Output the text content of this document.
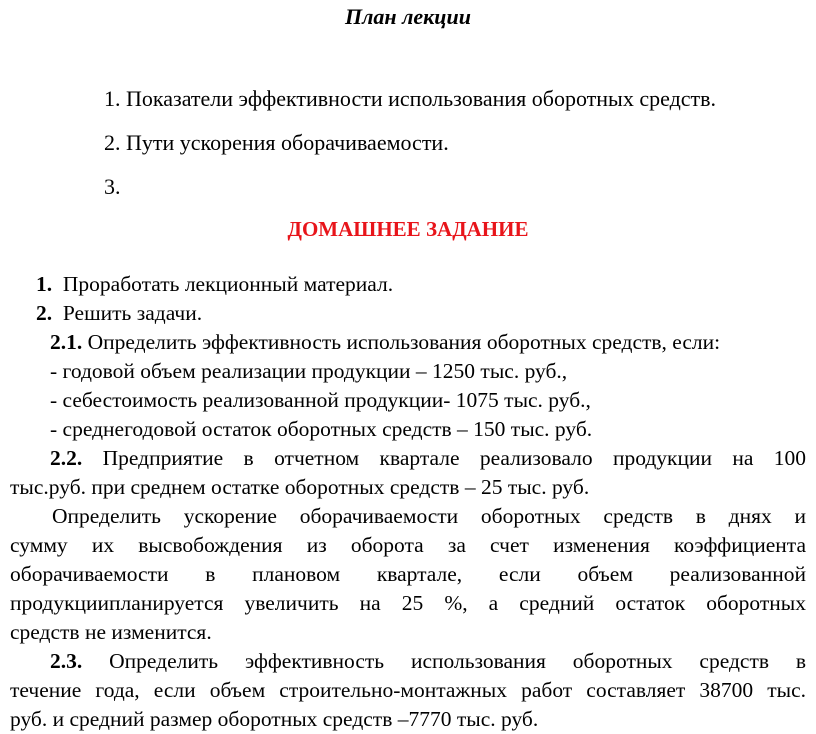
План лекции
1. Показатели эффективности использования оборотных средств.
2. Пути ускорения оборачиваемости.
3.
ДОМАШНЕЕ ЗАДАНИЕ
1. Проработать лекционный материал.
2. Решить задачи.
2.1. Определить эффективность использования оборотных средств, если:
- годовой объем реализации продукции – 1250 тыс. руб.,
- себестоимость реализованной продукции- 1075 тыс. руб.,
- среднегодовой остаток оборотных средств – 150 тыс. руб.
2.2. Предприятие в отчетном квартале реализовало продукции на 100
тыс.руб. при среднем остатке оборотных средств – 25 тыс. руб.
Определить ускорение оборачиваемости оборотных средств в днях и
сумму их высвобождения из оборота за счет изменения коэффициента
оборачиваемости в плановом квартале, если объем реализованной
продукциипланируется увеличить на 25 %, а средний остаток оборотных
средств не изменится.
2.3. Определить эффективность использования оборотных средств в
течение года, если объем строительно-монтажных работ составляет 38700 тыс.
руб. и средний размер оборотных средств –7770 тыс. руб.
